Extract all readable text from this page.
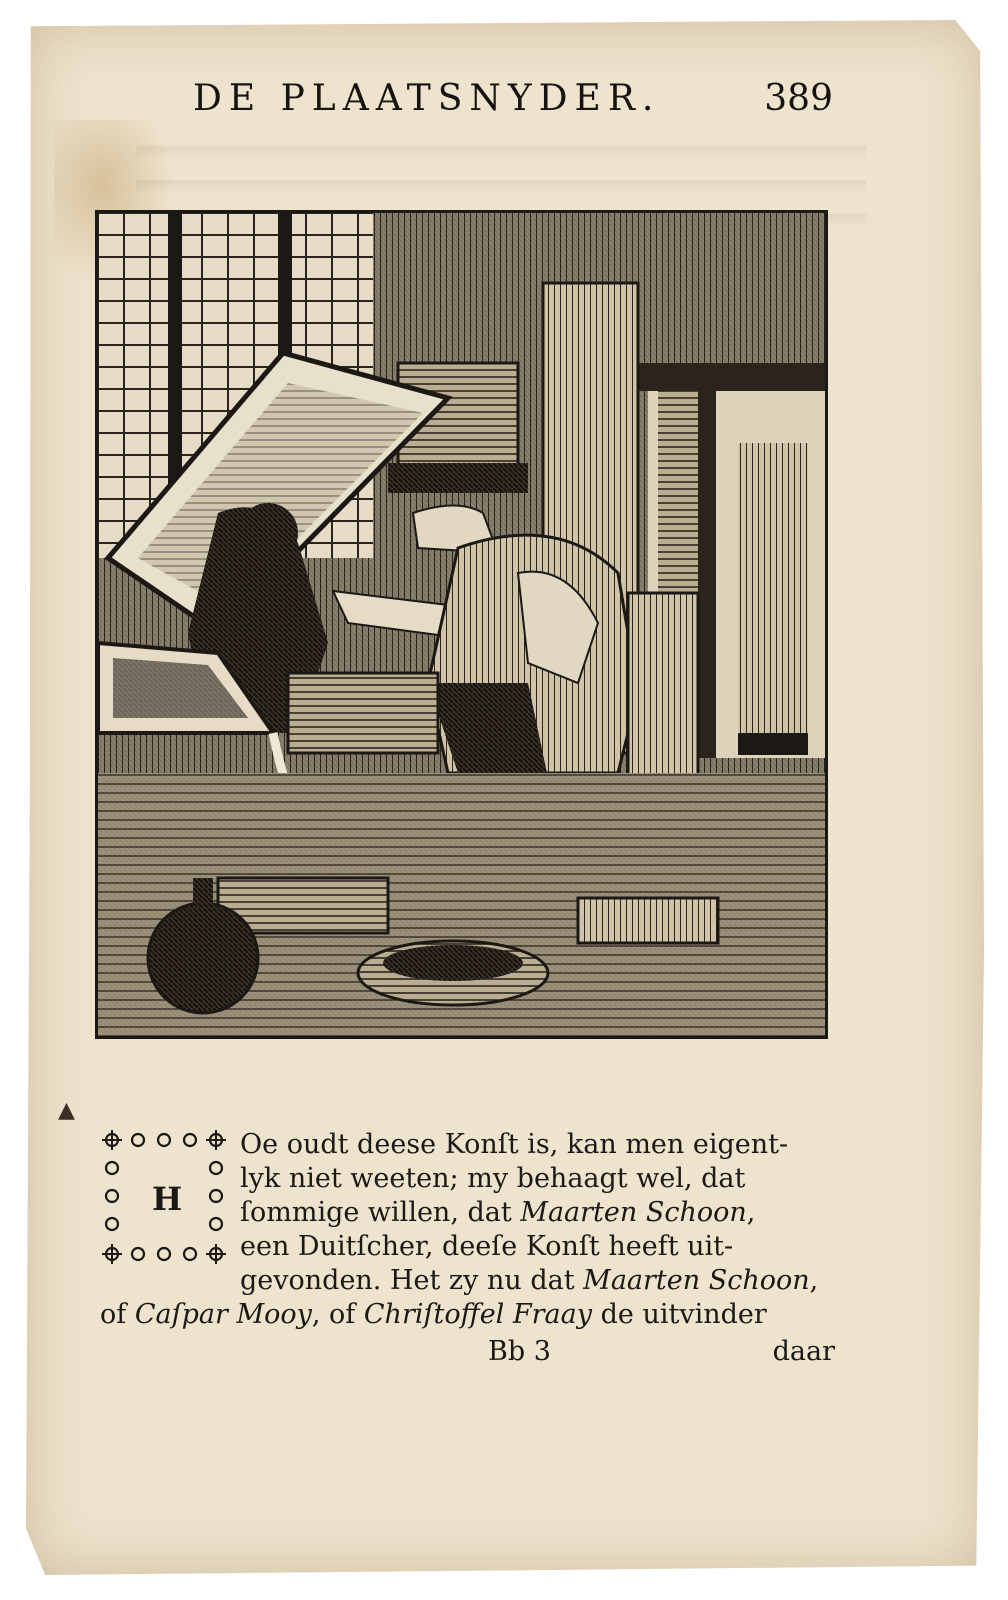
DE PLAATSNYDER.	389
▲
H
Oe oudt deese Konſt is, kan men eigent-
lyk niet weeten; my behaagt wel, dat
ſommige willen, dat Maarten Schoon,
een Duitſcher, deeſe Konſt heeft uit-
gevonden. Het zy nu dat Maarten Schoon,
of Caſpar Mooy, of Chriſtoffel Fraay de uitvinder
Bb 3	daar
